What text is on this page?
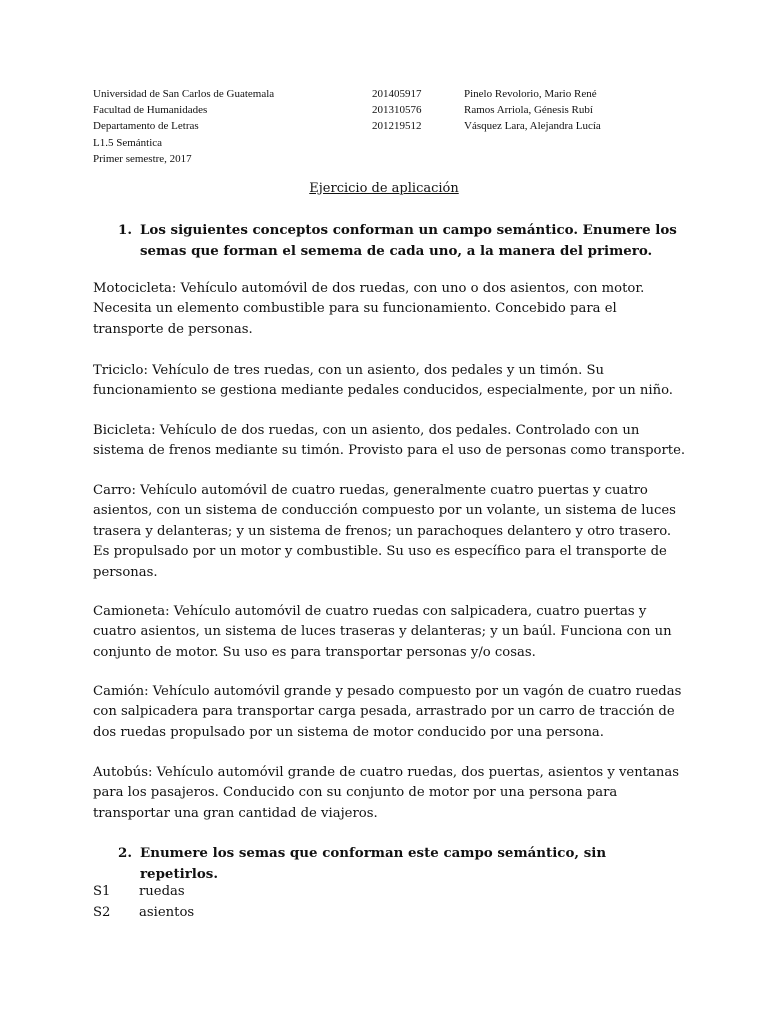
Universidad de San Carlos de Guatemala
Facultad de Humanidades
Departamento de Letras
L1.5 Semántica
Primer semestre, 2017
201405917
201310576
201219512
Pinelo Revolorio, Mario René
Ramos Arriola, Génesis Rubí
Vásquez Lara, Alejandra Lucía
Ejercicio de aplicación
1. Los siguientes conceptos conforman un campo semántico. Enumere los
semas que forman el semema de cada uno, a la manera del primero.
Motocicleta: Vehículo automóvil de dos ruedas, con uno o dos asientos, con motor.
Necesita un elemento combustible para su funcionamiento. Concebido para el
transporte de personas.
Triciclo: Vehículo de tres ruedas, con un asiento, dos pedales y un timón. Su
funcionamiento se gestiona mediante pedales conducidos, especialmente, por un niño.
Bicicleta: Vehículo de dos ruedas, con un asiento, dos pedales. Controlado con un
sistema de frenos mediante su timón. Provisto para el uso de personas como transporte.
Carro: Vehículo automóvil de cuatro ruedas, generalmente cuatro puertas y cuatro
asientos, con un sistema de conducción compuesto por un volante, un sistema de luces
trasera y delanteras; y un sistema de frenos; un parachoques delantero y otro trasero.
Es propulsado por un motor y combustible. Su uso es específico para el transporte de
personas.
Camioneta: Vehículo automóvil de cuatro ruedas con salpicadera, cuatro puertas y
cuatro asientos, un sistema de luces traseras y delanteras; y un baúl. Funciona con un
conjunto de motor. Su uso es para transportar personas y/o cosas.
Camión: Vehículo automóvil grande y pesado compuesto por un vagón de cuatro ruedas
con salpicadera para transportar carga pesada, arrastrado por un carro de tracción de
dos ruedas propulsado por un sistema de motor conducido por una persona.
Autobús: Vehículo automóvil grande de cuatro ruedas, dos puertas, asientos y ventanas
para los pasajeros. Conducido con su conjunto de motor por una persona para
transportar una gran cantidad de viajeros.
2. Enumere los semas que conforman este campo semántico, sin repetirlos.
S1 ruedas
S2 asientos
